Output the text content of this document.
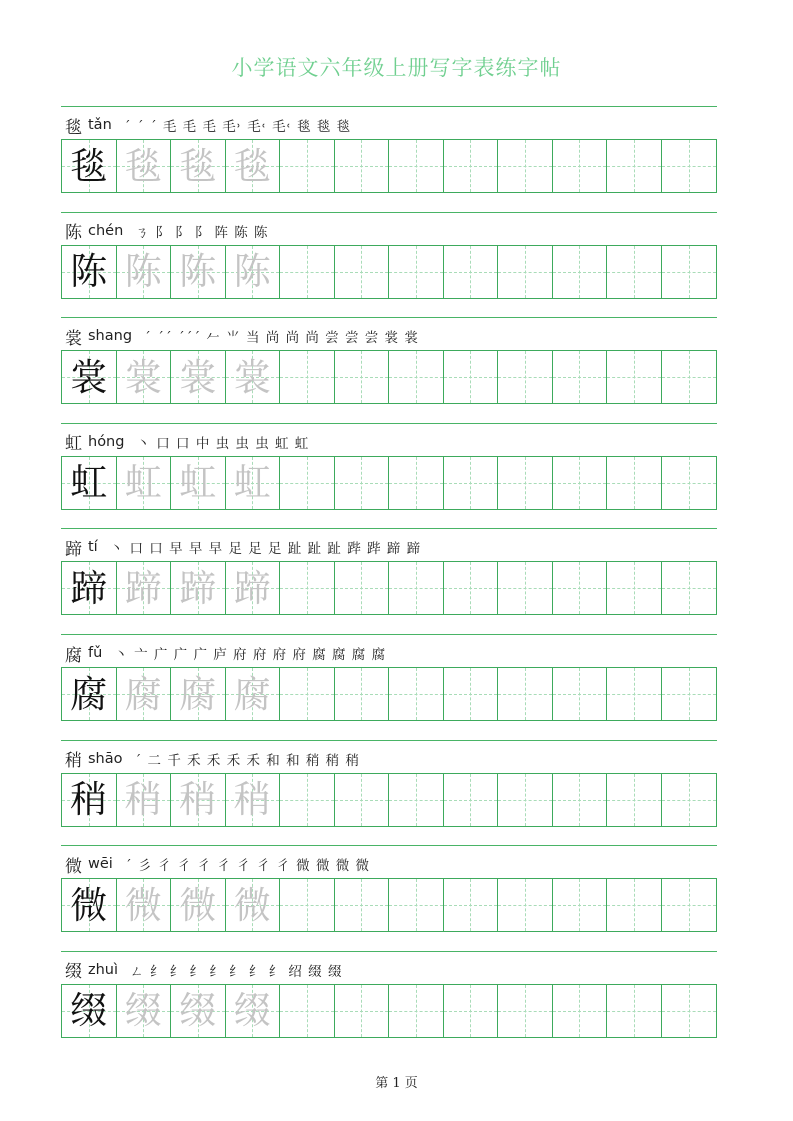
小学语文六年级上册写字表练字帖
毯 tǎn ˊ ˊ ˊ 毛 毛 毛 毛˒ 毛˓ 毛˓ 毯 毯 毯
毯 毯 毯 毯
陈 chén ㄋ 阝 阝 阝 阵 陈 陈
陈 陈 陈 陈
裳 shang ˊ ˊˊ ˊˊˊ 𠂉 ⺌ 当 尚 尚 尚 尝 尝 尝 裳 裳
裳 裳 裳 裳
虹 hóng 丶 口 口 中 虫 虫 虫 虹 虹
虹 虹 虹 虹
蹄 tí 丶 口 口 早 早 早 足 足 足 趾 趾 趾 跸 跸 蹄 蹄
蹄 蹄 蹄 蹄
腐 fǔ 丶 亠 广 广 广 庐 府 府 府 府 腐 腐 腐 腐
腐 腐 腐 腐
稍 shāo ˊ 二 千 禾 禾 禾 禾 和 和 稍 稍 稍
稍 稍 稍 稍
微 wēi ˊ 彡 彳 彳 彳 彳 彳 彳 彳 微 微 微 微
微 微 微 微
缀 zhuì ㄥ 纟 纟 纟 纟 纟 纟 纟 绍 缀 缀
缀 缀 缀 缀
第 1 页
